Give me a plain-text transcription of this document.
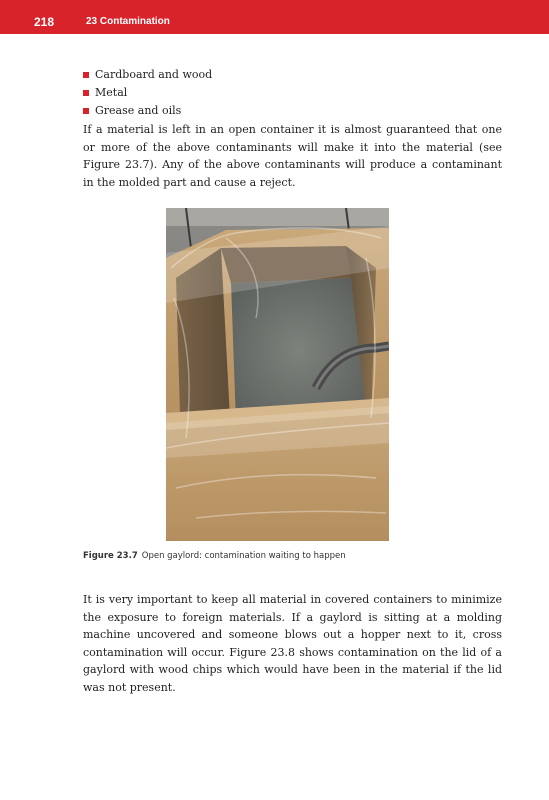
218	23 Contamination
Cardboard and wood
Metal
Grease and oils

If a material is left in an open container it is almost guaranteed that one or more of the above contaminants will make it into the material (see Figure 23.7). Any of the above contaminants will produce a contaminant in the molded part and cause a reject.

Figure 23.7 Open gaylord: contamination waiting to happen

It is very important to keep all material in covered containers to minimize the exposure to foreign materials. If a gaylord is sitting at a molding machine uncovered and someone blows out a hopper next to it, cross contamination will occur. Figure 23.8 shows contamination on the lid of a gaylord with wood chips which would have been in the material if the lid was not present.
